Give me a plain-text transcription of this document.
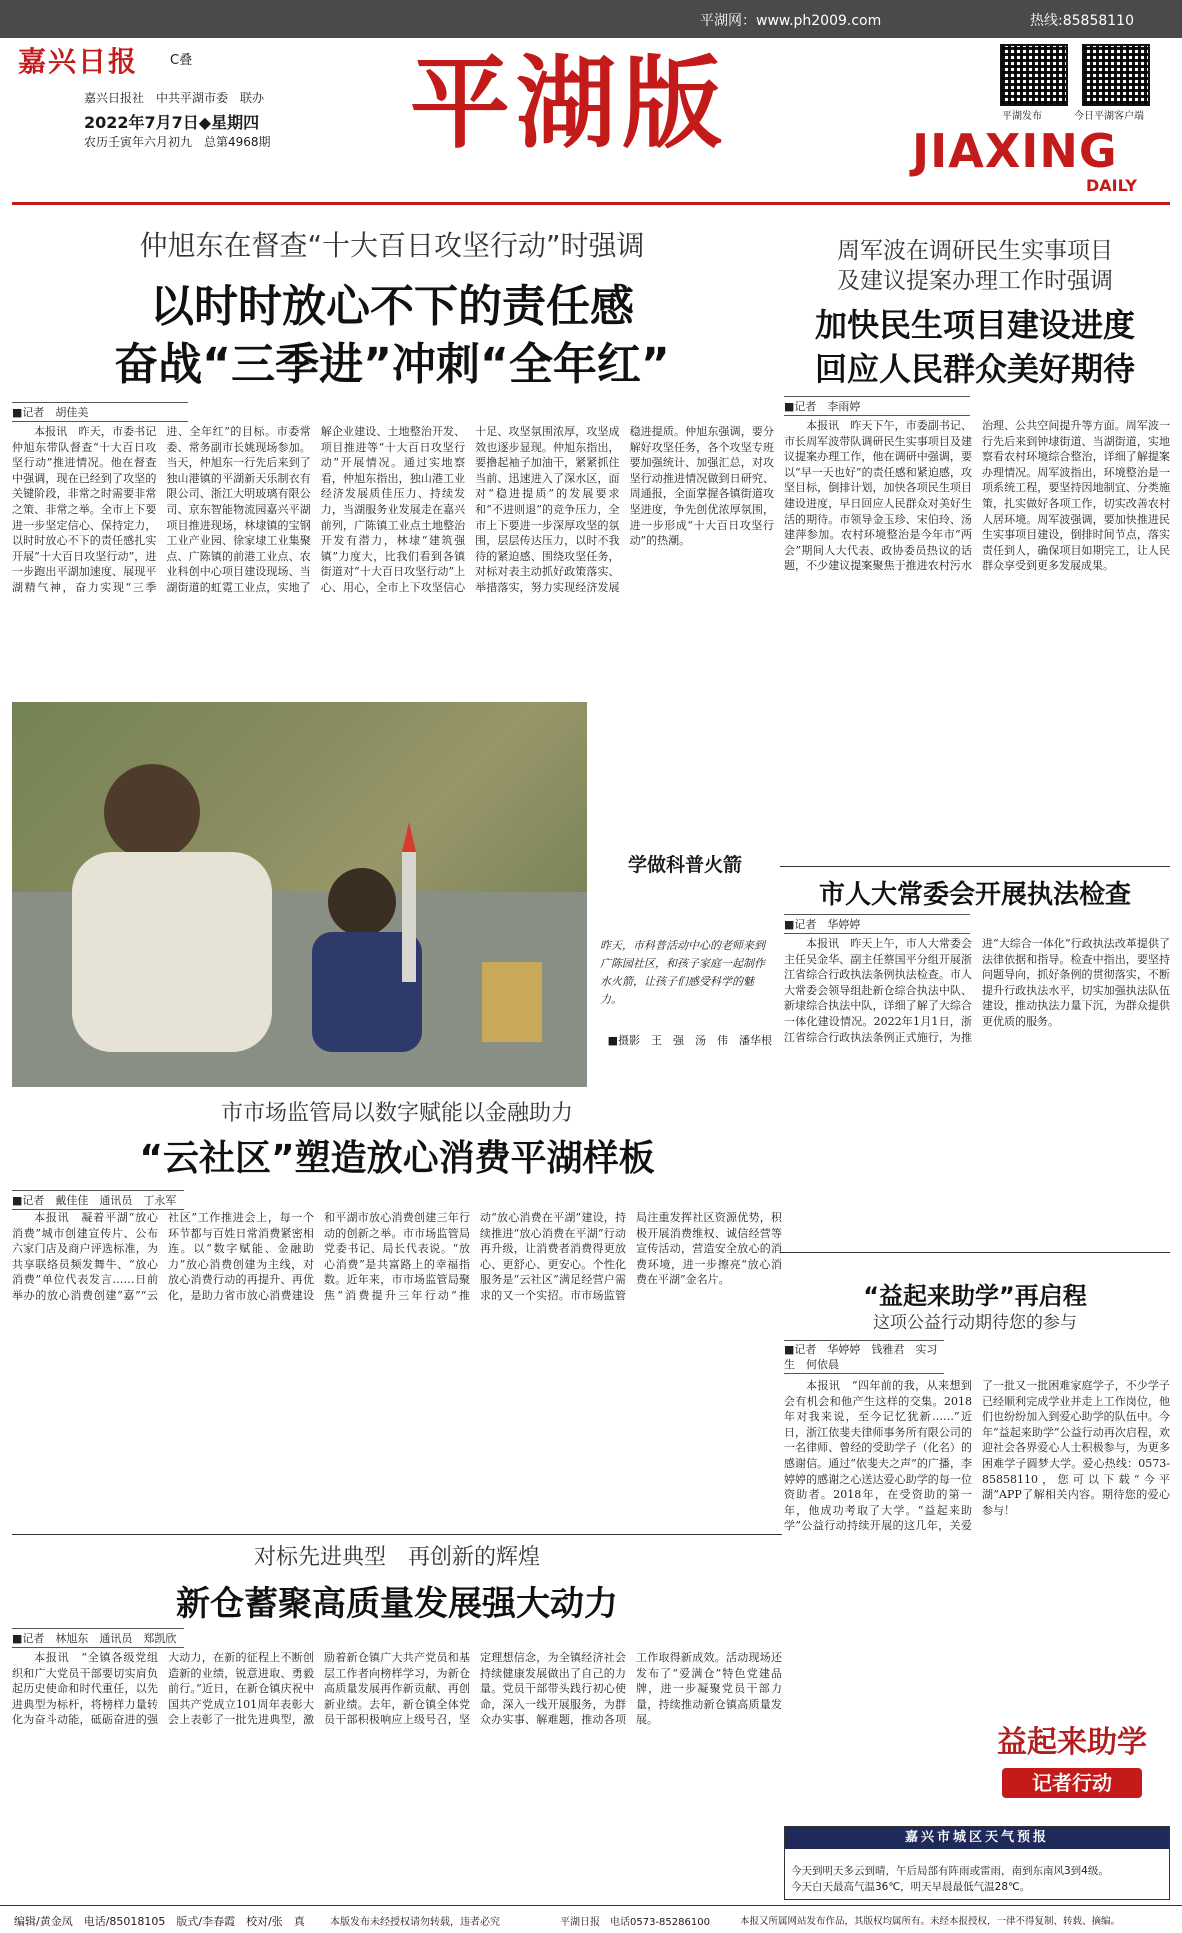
平湖网：www.ph2009.com	热线:85858110
嘉兴日报	C叠
嘉兴日报社　中共平湖市委　联办
2022年7月7日◆星期四
农历壬寅年六月初九　总第4968期 平湖版	平湖发布	今日平湖客户端
JIAXING
DAILY
仲旭东在督查“十大百日攻坚行动”时强调
以时时放心不下的责任感
奋战“三季进”冲刺“全年红”
■记者　胡佳美

本报讯　昨天，市委书记仲旭东带队督查“十大百日攻坚行动”推进情况。他在督查中强调，现在已经到了攻坚的关键阶段，非常之时需要非常之策、非常之举。全市上下要进一步坚定信心、保持定力，以时时放心不下的责任感扎实开展“十大百日攻坚行动”，进一步跑出平湖加速度、展现平湖精气神，奋力实现“三季进、全年红”的目标。市委常委、常务副市长姚现场参加。当天，仲旭东一行先后来到了独山港镇的平湖新天乐制衣有限公司、浙江大明玻璃有限公司、京东智能物流园嘉兴平湖项目推进现场，林埭镇的宝钢工业产业园、徐家埭工业集聚点、广陈镇的前港工业点、农业科创中心项目建设现场、当湖街道的虹霓工业点，实地了解企业建设、土地整治开发、项目推进等“十大百日攻坚行动”开展情况。通过实地察看，仲旭东指出，独山港工业经济发展质佳压力、持续发力，当湖服务业发展走在嘉兴前列，广陈镇工业点土地整治开发有潜力，林埭“建筑强镇”力度大，比我们看到各镇街道对“十大百日攻坚行动”上心、用心，全市上下攻坚信心十足、攻坚氛围浓厚，攻坚成效也逐步显现。仲旭东指出，要撸起袖子加油干，紧紧抓住当前、迅速进入了深水区，面对“稳进提质”的发展要求和“不进则退”的竞争压力，全市上下要进一步深厚攻坚的氛围，层层传达压力，以时不我待的紧迫感、围绕攻坚任务，对标对表主动抓好政策落实、举措落实，努力实现经济发展稳进提质。仲旭东强调，要分解好攻坚任务，各个攻坚专班要加强统计、加强汇总，对攻坚行动推进情况做到日研究、周通报，全面掌握各镇街道攻坚进度，争先创优浓厚氛围，进一步形成“十大百日攻坚行动”的热潮。

周军波在调研民生实事项目
及建议提案办理工作时强调
加快民生项目建设进度
回应人民群众美好期待
■记者　李雨婷

本报讯　昨天下午，市委副书记、市长周军波带队调研民生实事项目及建议提案办理工作，他在调研中强调，要以“早一天也好”的责任感和紧迫感，攻坚目标，倒排计划，加快各项民生项目建设进度，早日回应人民群众对美好生活的期待。市领导金玉珍、宋伯玲、汤建萍参加。农村环境整治是今年市“两会”期间人大代表、政协委员热议的话题，不少建议提案聚焦于推进农村污水治理、公共空间提升等方面。周军波一行先后来到钟埭街道、当湖街道，实地察看农村环境综合整治，详细了解提案办理情况。周军波指出，环境整治是一项系统工程，要坚持因地制宜、分类施策，扎实做好各项工作，切实改善农村人居环境。周军波强调，要加快推进民生实事项目建设，倒排时间节点，落实责任到人，确保项目如期完工，让人民群众享受到更多发展成果。

学做科普火箭
昨天，市科普活动中心的老师来到广陈园社区，和孩子家庭一起制作水火箭，让孩子们感受科学的魅力。
■摄影　王　强　汤　伟　潘华根
市人大常委会开展执法检查
■记者　华婷婷

本报讯　昨天上午，市人大常委会主任吴金华、副主任蔡国平分组开展浙江省综合行政执法条例执法检查。市人大常委会领导组赴新仓综合执法中队、新埭综合执法中队，详细了解了大综合一体化建设情况。2022年1月1日，浙江省综合行政执法条例正式施行，为推进“大综合一体化”行政执法改革提供了法律依据和指导。检查中指出，要坚持问题导向，抓好条例的贯彻落实，不断提升行政执法水平，切实加强执法队伍建设，推动执法力量下沉，为群众提供更优质的服务。

市市场监管局以数字赋能以金融助力
“云社区”塑造放心消费平湖样板
■记者　戴佳佳　通讯员　丁永军

本报讯　凝着平湖“放心消费”城市创建宣传片、公布六家门店及商户评选标准，为共享联络员频发舞牛、“放心消费”单位代表发言……日前举办的放心消费创建“嘉”“云社区”工作推进会上，每一个环节都与百姓日常消费紧密相连。以“数字赋能、金融助力”放心消费创建为主线，对放心消费行动的再提升、再优化，是助力省市放心消费建设和平湖市放心消费创建三年行动的创新之举。市市场监管局党委书记、局长代表说。“放心消费”是共富路上的幸福指数。近年来，市市场监管局聚焦“消费提升三年行动”推动“放心消费在平湖”建设，持续推进“放心消费在平湖”行动再升级，让消费者消费得更放心、更舒心、更安心。个性化服务是“云社区”满足经营户需求的又一个实招。市市场监管局注重发挥社区资源优势，积极开展消费维权、诚信经营等宣传活动，营造安全放心的消费环境，进一步擦亮“放心消费在平湖”金名片。

对标先进典型　再创新的辉煌
新仓蓄聚高质量发展强大动力
■记者　林旭东　通讯员　郑凯欣

本报讯　“全镇各级党组织和广大党员干部要切实肩负起历史使命和时代重任，以先进典型为标杆，将榜样力量转化为奋斗动能，砥砺奋进的强大动力，在新的征程上不断创造新的业绩，锐意进取、勇毅前行。”近日，在新仓镇庆祝中国共产党成立101周年表彰大会上表彰了一批先进典型，激励着新仓镇广大共产党员和基层工作者向榜样学习，为新仓高质量发展再作新贡献、再创新业绩。去年，新仓镇全体党员干部积极响应上级号召，坚定理想信念，为全镇经济社会持续健康发展做出了自己的力量。党员干部带头践行初心使命，深入一线开展服务，为群众办实事、解难题，推动各项工作取得新成效。活动现场还发布了“爱满仓”特色党建品牌，进一步凝聚党员干部力量，持续推动新仓镇高质量发展。

“益起来助学”再启程
这项公益行动期待您的参与
■记者　华婷婷　钱雅君　实习生　何依晨

本报讯　“四年前的我，从来想到会有机会和他产生这样的交集。2018年对我来说，至今记忆犹新……”近日，浙江依斐夫律师事务所有限公司的一名律师、曾经的受助学子（化名）的感谢信。通过“依斐夫之声”的广播，李婷婷的感谢之心送达爱心助学的每一位资助者。2018年，在受资助的第一年，他成功考取了大学。“益起来助学”公益行动持续开展的这几年，关爱了一批又一批困难家庭学子，不少学子已经顺利完成学业并走上工作岗位，他们也纷纷加入到爱心助学的队伍中。今年“益起来助学”公益行动再次启程，欢迎社会各界爱心人士积极参与，为更多困难学子圆梦大学。爱心热线：0573-85858110，您可以下载“今平湖”APP了解相关内容。期待您的爱心参与！

益起来助学
记者行动
嘉兴市城区天气预报
今天到明天多云到晴，午后局部有阵雨或雷雨，南到东南风3到4级。
今天白天最高气温36℃，明天早晨最低气温28℃。
编辑/黄金凤　电话/85018105　版式/李春霞　校对/张　真	本版发布未经授权请勿转载，违者必究	平湖日报　电话0573-85286100	本报又所属网站发布作品，其版权均属所有。未经本报授权，一律不得复制、转载、摘编。
